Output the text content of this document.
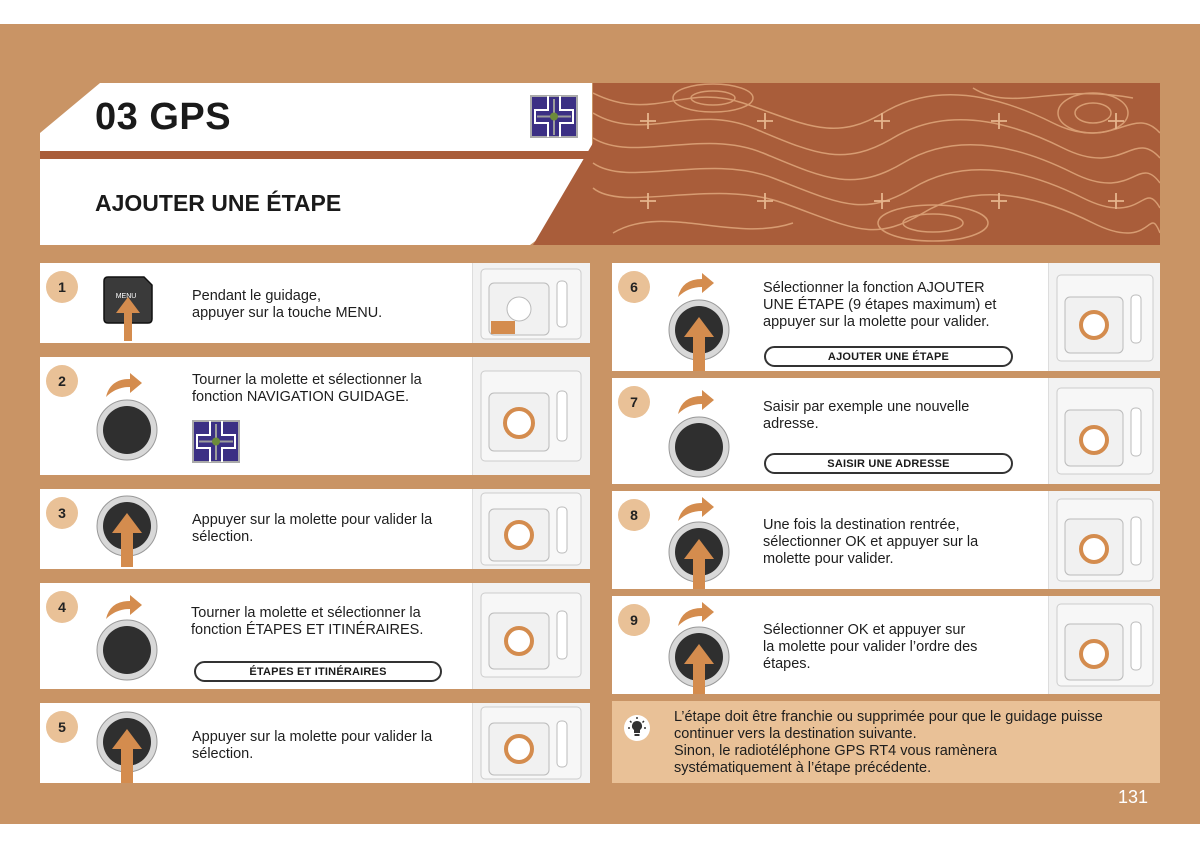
03 GPS
AJOUTER UNE ÉTAPE
1
MENU	Pendant le guidage,
appuyer sur la touche MENU.
2	Tourner la molette et sélectionner la
fonction NAVIGATION GUIDAGE.
3	Appuyer sur la molette pour valider la
sélection.
4	Tourner la molette et sélectionner la
fonction ÉTAPES ET ITINÉRAIRES.
ÉTAPES ET ITINÉRAIRES
5
Appuyer sur la molette pour valider la
sélection.
6	Sélectionner la fonction AJOUTER
UNE ÉTAPE (9 étapes maximum) et
appuyer sur la molette pour valider.
AJOUTER UNE ÉTAPE
7	Saisir par exemple une nouvelle
adresse.
SAISIR UNE ADRESSE
8
Une fois la destination rentrée,
sélectionner OK et appuyer sur la
molette pour valider.
9
Sélectionner OK et appuyer sur
la molette pour valider l’ordre des
étapes.
L’étape doit être franchie ou supprimée pour que le guidage puisse
continuer vers la destination suivante.
Sinon, le radiotéléphone GPS RT4 vous ramènera
systématiquement à l’étape précédente.
131
